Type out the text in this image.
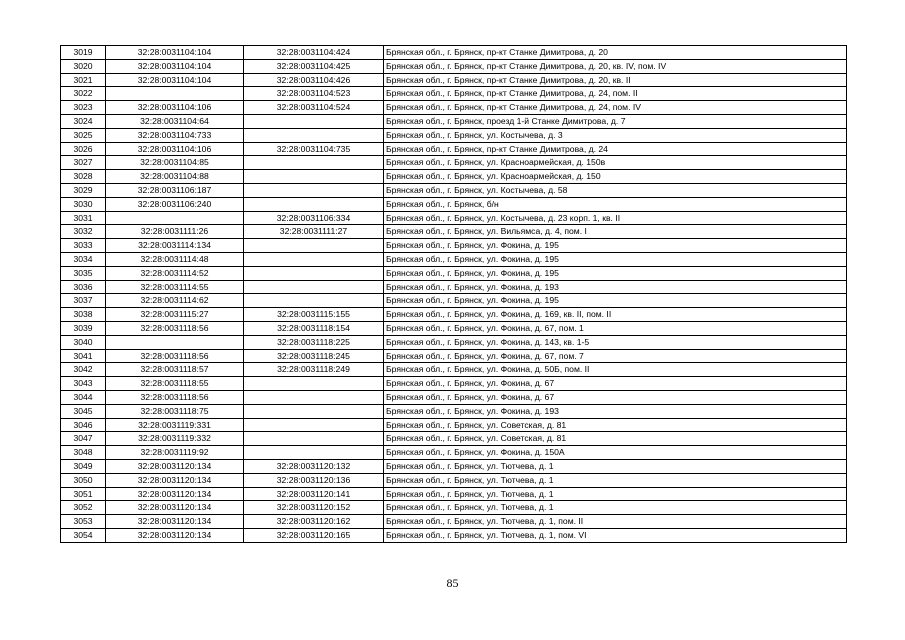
3019	32:28:0031104:104	32:28:0031104:424	Брянская обл., г. Брянск, пр-кт Станке Димитрова, д. 20
3020	32:28:0031104:104	32:28:0031104:425	Брянская обл., г. Брянск, пр-кт Станке Димитрова, д. 20, кв. IV, пом. IV
3021	32:28:0031104:104	32:28:0031104:426	Брянская обл., г. Брянск, пр-кт Станке Димитрова, д. 20, кв. II
3022		32:28:0031104:523	Брянская обл., г. Брянск, пр-кт Станке Димитрова, д. 24, пом. II
3023	32:28:0031104:106	32:28:0031104:524	Брянская обл., г. Брянск, пр-кт Станке Димитрова, д. 24, пом. IV
3024	32:28:0031104:64		Брянская обл., г. Брянск, проезд 1-й Станке Димитрова, д. 7
3025	32:28:0031104:733		Брянская обл., г. Брянск, ул. Костычева, д. 3
3026	32:28:0031104:106	32:28:0031104:735	Брянская обл., г. Брянск, пр-кт Станке Димитрова, д. 24
3027	32:28:0031104:85		Брянская обл., г. Брянск, ул. Красноармейская, д. 150в
3028	32:28:0031104:88		Брянская обл., г. Брянск, ул. Красноармейская, д. 150
3029	32:28:0031106:187		Брянская обл., г. Брянск, ул. Костычева, д. 58
3030	32:28:0031106:240		Брянская обл., г. Брянск, б/н
3031		32:28:0031106:334	Брянская обл., г. Брянск, ул. Костычева, д. 23 корп. 1, кв. II
3032	32:28:0031111:26	32:28:0031111:27	Брянская обл., г. Брянск, ул. Вильямса, д. 4, пом. I
3033	32:28:0031114:134		Брянская обл., г. Брянск, ул. Фокина, д. 195
3034	32:28:0031114:48		Брянская обл., г. Брянск, ул. Фокина, д. 195
3035	32:28:0031114:52		Брянская обл., г. Брянск, ул. Фокина, д. 195
3036	32:28:0031114:55		Брянская обл., г. Брянск, ул. Фокина, д. 193
3037	32:28:0031114:62		Брянская обл., г. Брянск, ул. Фокина, д. 195
3038	32:28:0031115:27	32:28:0031115:155	Брянская обл., г. Брянск, ул. Фокина, д. 169, кв. II, пом. II
3039	32:28:0031118:56	32:28:0031118:154	Брянская обл., г. Брянск, ул. Фокина, д. 67, пом. 1
3040		32:28:0031118:225	Брянская обл., г. Брянск, ул. Фокина, д. 143, кв. 1-5
3041	32:28:0031118:56	32:28:0031118:245	Брянская обл., г. Брянск, ул. Фокина, д. 67, пом. 7
3042	32:28:0031118:57	32:28:0031118:249	Брянская обл., г. Брянск, ул. Фокина, д. 50Б, пом. II
3043	32:28:0031118:55		Брянская обл., г. Брянск, ул. Фокина, д. 67
3044	32:28:0031118:56		Брянская обл., г. Брянск, ул. Фокина, д. 67
3045	32:28:0031118:75		Брянская обл., г. Брянск, ул. Фокина, д. 193
3046	32:28:0031119:331		Брянская обл., г. Брянск, ул. Советская, д. 81
3047	32:28:0031119:332		Брянская обл., г. Брянск, ул. Советская, д. 81
3048	32:28:0031119:92		Брянская обл., г. Брянск, ул. Фокина, д. 150А
3049	32:28:0031120:134	32:28:0031120:132	Брянская обл., г. Брянск, ул. Тютчева, д. 1
3050	32:28:0031120:134	32:28:0031120:136	Брянская обл., г. Брянск, ул. Тютчева, д. 1
3051	32:28:0031120:134	32:28:0031120:141	Брянская обл., г. Брянск, ул. Тютчева, д. 1
3052	32:28:0031120:134	32:28:0031120:152	Брянская обл., г. Брянск, ул. Тютчева, д. 1
3053	32:28:0031120:134	32:28:0031120:162	Брянская обл., г. Брянск, ул. Тютчева, д. 1, пом. II
3054	32:28:0031120:134	32:28:0031120:165	Брянская обл., г. Брянск, ул. Тютчева, д. 1, пом. VI
85
